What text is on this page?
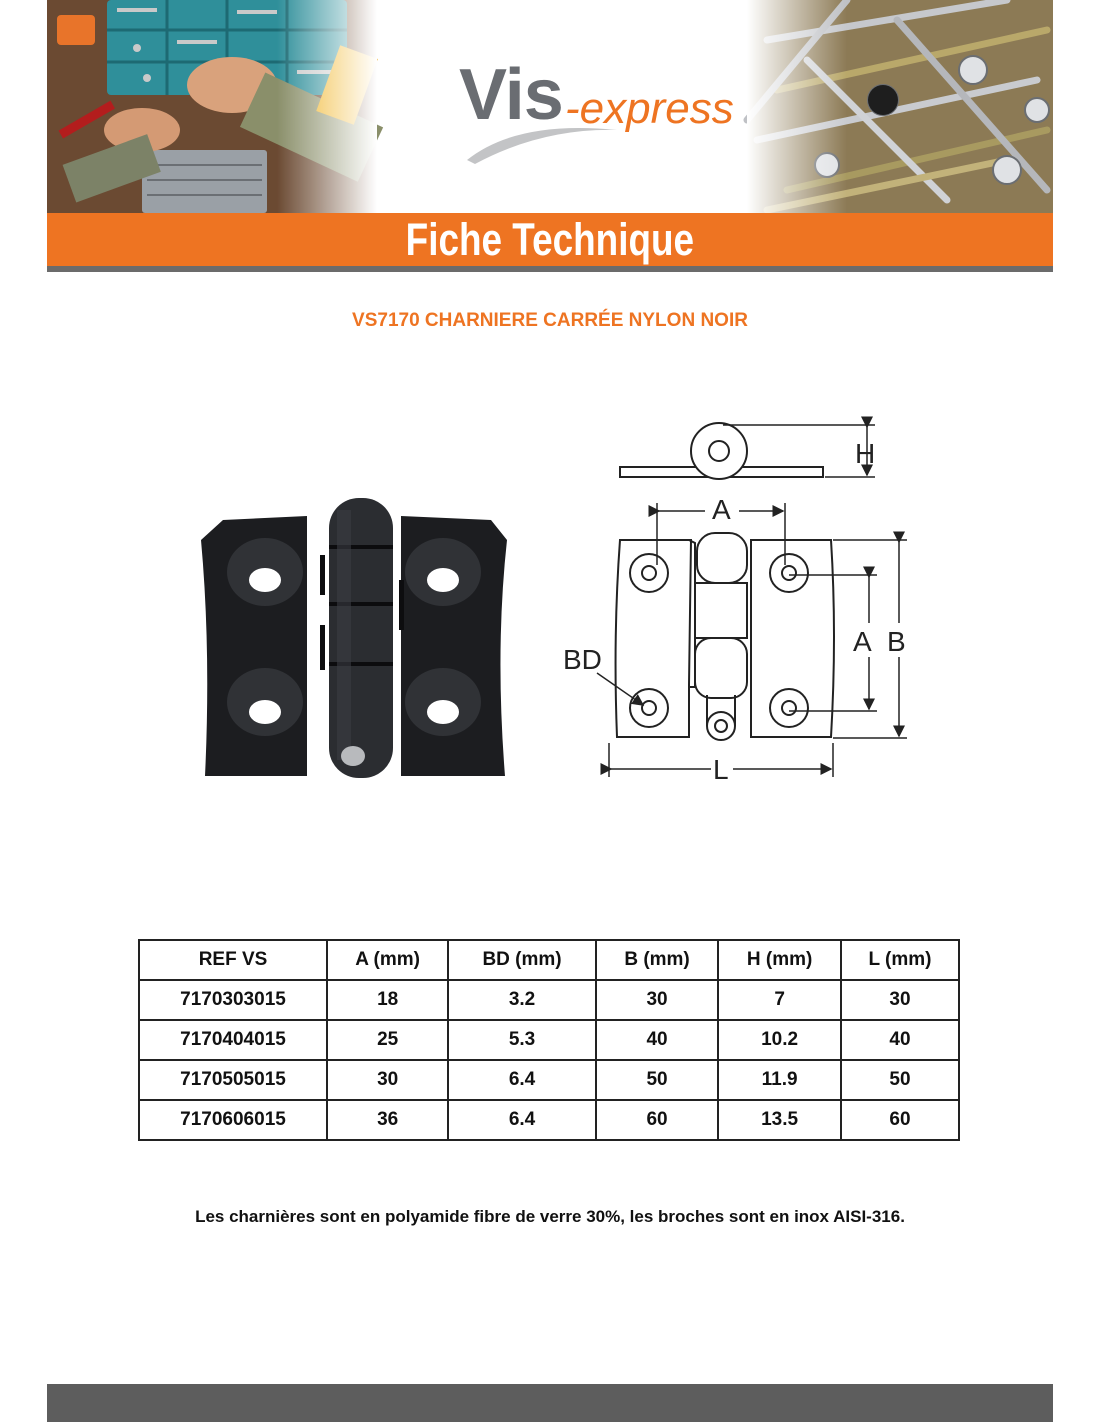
Vis -express
Fiche Technique
VS7170 CHARNIERE CARRÉE NYLON NOIR
H
A
A B
BD
L
REF VS	A (mm)	BD (mm)	B (mm)	H (mm)	L (mm)
7170303015	18	3.2	30	7	30
7170404015	25	5.3	40	10.2	40
7170505015	30	6.4	50	11.9	50
7170606015	36	6.4	60	13.5	60
Les charnières sont en polyamide fibre de verre 30%, les broches sont en inox AISI-316.
